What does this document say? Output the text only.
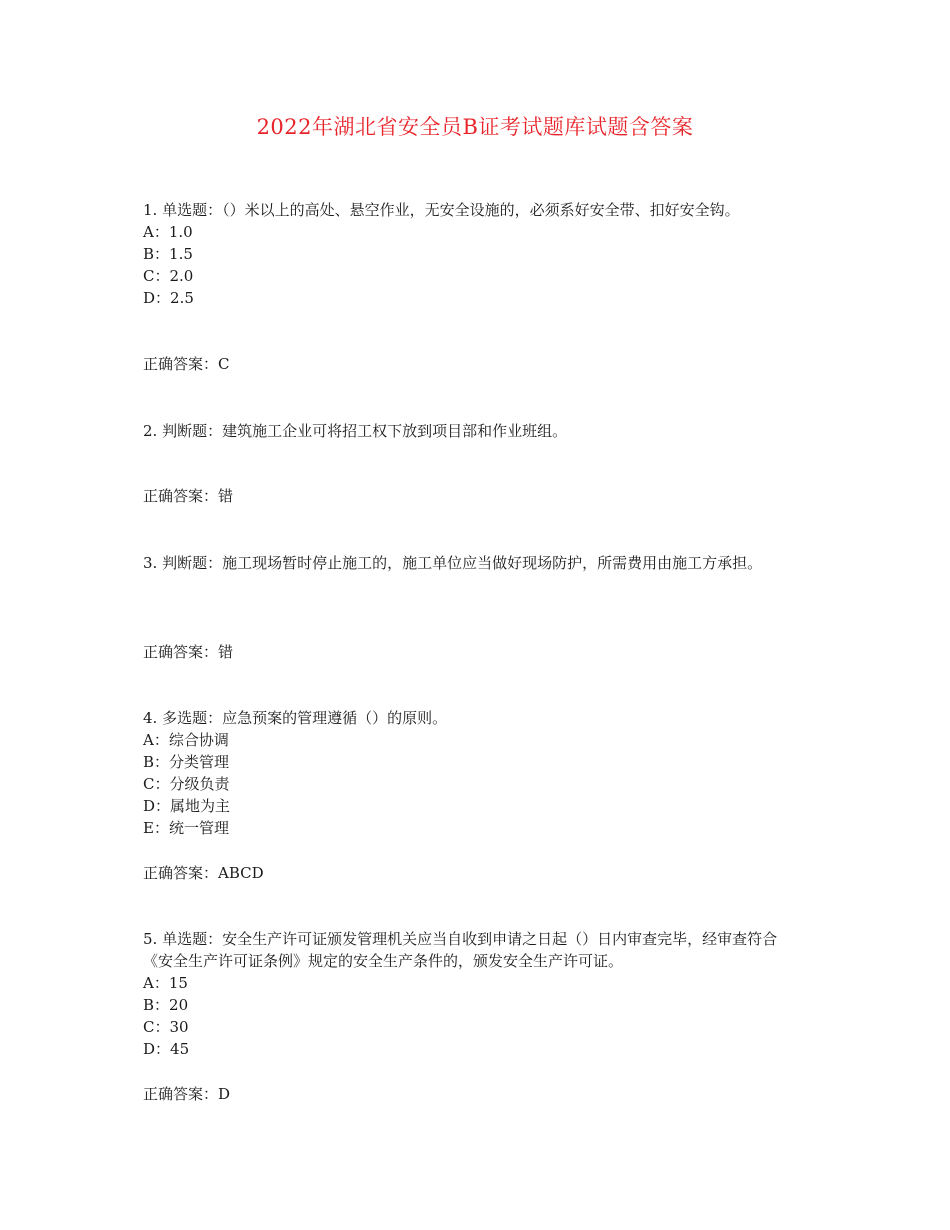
2022年湖北省安全员B证考试题库试题含答案

1. 单选题：（）米以上的高处、悬空作业，无安全设施的，必须系好安全带、扣好安全钩。

A：1.0

B：1.5

C：2.0

D：2.5

正确答案：C

2. 判断题：建筑施工企业可将招工权下放到项目部和作业班组。

正确答案：错

3. 判断题：施工现场暂时停止施工的，施工单位应当做好现场防护，所需费用由施工方承担。

正确答案：错

4. 多选题：应急预案的管理遵循（）的原则。

A：综合协调

B：分类管理

C：分级负责

D：属地为主

E：统一管理

正确答案：ABCD

5. 单选题：安全生产许可证颁发管理机关应当自收到申请之日起（）日内审查完毕，经审查符合《安全生产许可证条例》规定的安全生产条件的，颁发安全生产许可证。

A：15

B：20

C：30

D：45

正确答案：D
